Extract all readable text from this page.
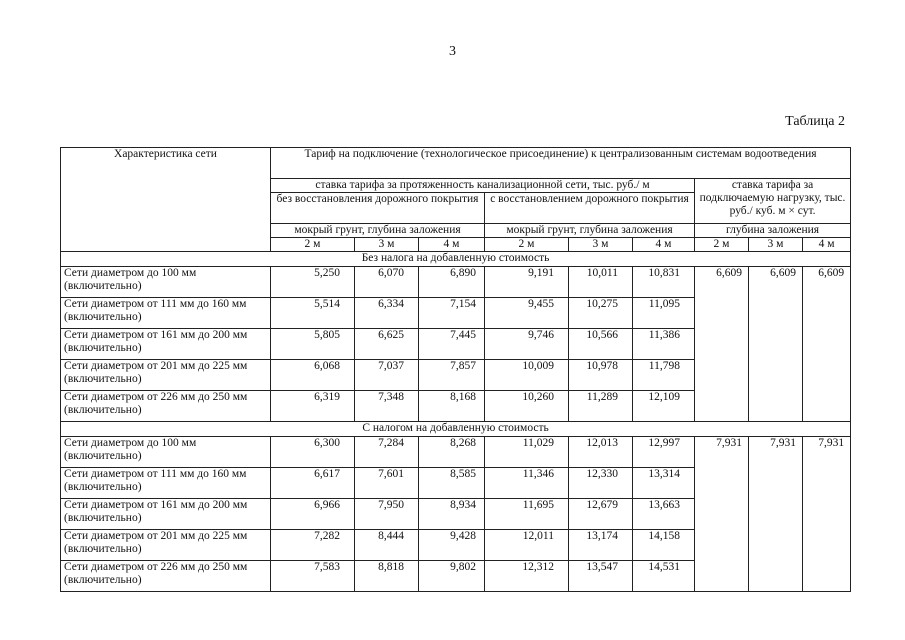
3
Таблица 2
Характеристика сети	Тариф на подключение (технологическое присоединение) к централизованным системам водоотведения								
	ставка тарифа за протяженность канализационной сети, тыс. руб./ м						ставка тарифа за подключаемую нагрузку, тыс. руб./ куб. м × сут.		
	без восстановления дорожного покрытия			с восстановлением дорожного покрытия					
	мокрый грунт, глубина заложения			мокрый грунт, глубина заложения			глубина заложения		
	2 м	3 м	4 м	2 м	3 м	4 м	2 м	3 м	4 м
Без налога на добавленную стоимость									
Сети диаметром до 100 мм (включительно)	5,250	6,070	6,890	9,191	10,011	10,831	6,609	6,609	6,609
Сети диаметром от 111 мм до 160 мм (включительно)	5,514	6,334	7,154	9,455	10,275	11,095			
Сети диаметром от 161 мм до 200 мм (включительно)	5,805	6,625	7,445	9,746	10,566	11,386			
Сети диаметром от 201 мм до 225 мм (включительно)	6,068	7,037	7,857	10,009	10,978	11,798			
Сети диаметром от 226 мм до 250 мм (включительно)	6,319	7,348	8,168	10,260	11,289	12,109			
С налогом на добавленную стоимость									
Сети диаметром до 100 мм (включительно)	6,300	7,284	8,268	11,029	12,013	12,997	7,931	7,931	7,931
Сети диаметром от 111 мм до 160 мм (включительно)	6,617	7,601	8,585	11,346	12,330	13,314			
Сети диаметром от 161 мм до 200 мм (включительно)	6,966	7,950	8,934	11,695	12,679	13,663			
Сети диаметром от 201 мм до 225 мм (включительно)	7,282	8,444	9,428	12,011	13,174	14,158			
Сети диаметром от 226 мм до 250 мм (включительно)	7,583	8,818	9,802	12,312	13,547	14,531			
